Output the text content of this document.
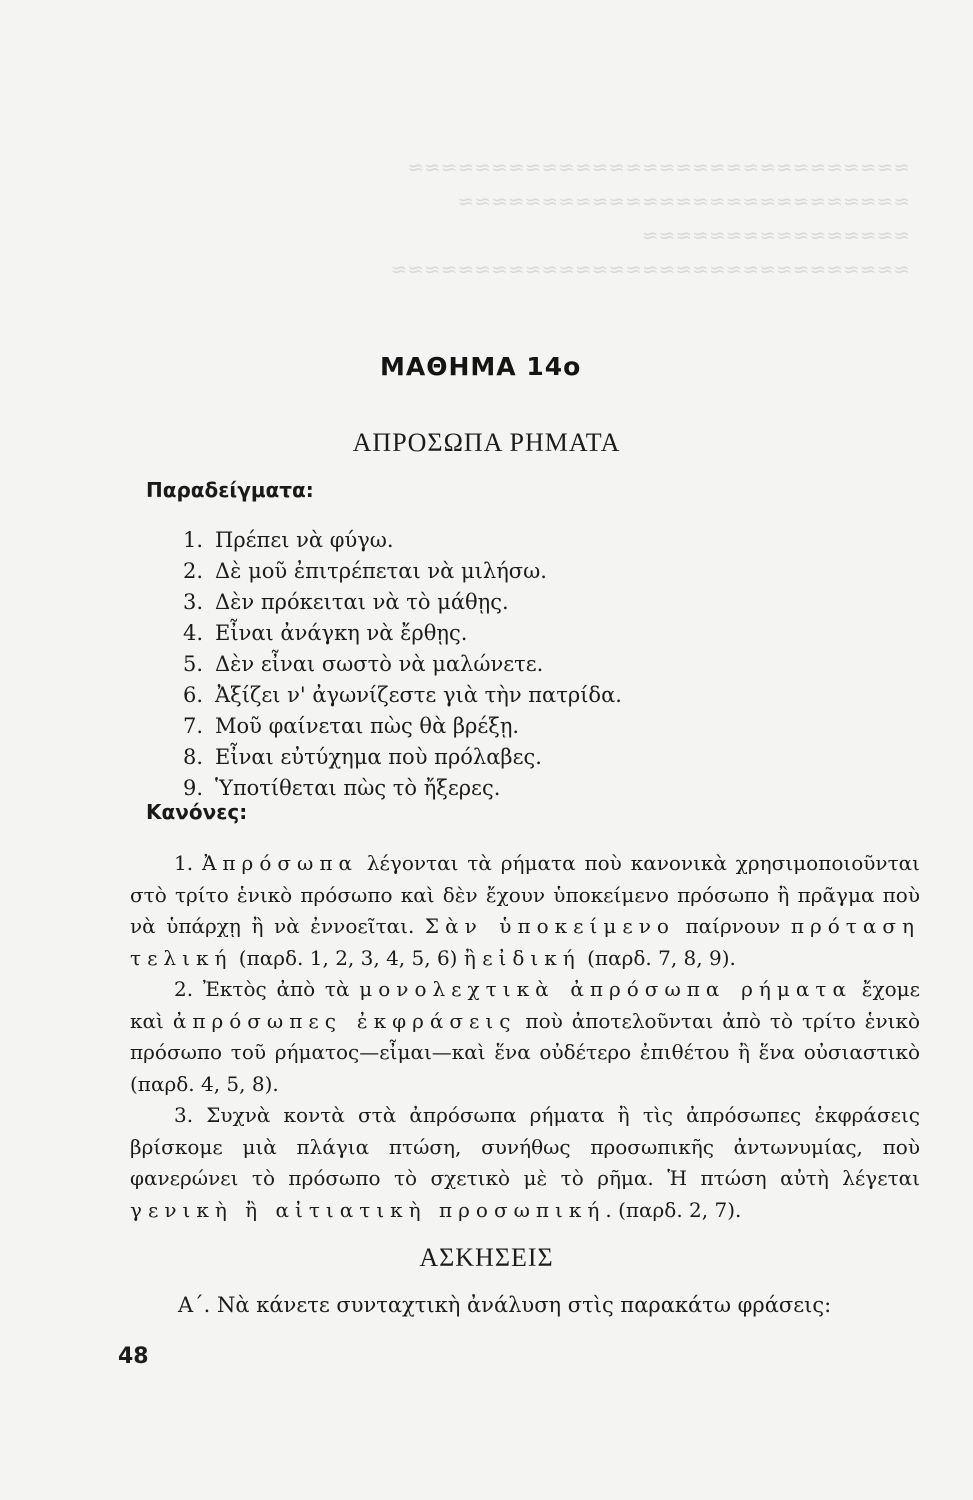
≈≈≈≈≈≈≈≈≈≈≈≈≈≈≈≈≈≈≈≈≈≈≈≈≈≈≈≈≈≈
≈≈≈≈≈≈≈≈≈≈≈≈≈≈≈≈≈≈≈≈≈≈≈≈≈≈≈
≈≈≈≈≈≈≈≈≈≈≈≈≈≈≈≈
≈≈≈≈≈≈≈≈≈≈≈≈≈≈≈≈≈≈≈≈≈≈≈≈≈≈≈≈≈≈≈
ΜΑΘΗΜΑ 14ο
ΑΠΡΟΣΩΠΑ ΡΗΜΑΤΑ
Παραδείγματα:
1. Πρέπει νὰ φύγω.
2. Δὲ μοῦ ἐπιτρέπεται νὰ μιλήσω.
3. Δὲν πρόκειται νὰ τὸ μάθῃς.
4. Εἶναι ἀνάγκη νὰ ἔρθῃς.
5. Δὲν εἶναι σωστὸ νὰ μαλώνετε.
6. Ἀξίζει ν' ἀγωνίζεστε γιὰ τὴν πατρίδα.
7. Μοῦ φαίνεται πὼς θὰ βρέξῃ.
8. Εἶναι εὐτύχημα ποὺ πρόλαβες.
9. Ὑποτίθεται πὼς τὸ ἤξερες.
Κανόνες:

1. Ἀπρόσωπα λέγονται τὰ ρήματα ποὺ κανονικὰ χρησιμοποιοῦνται στὸ τρίτο ἑνικὸ πρόσωπο καὶ δὲν ἔχουν ὑποκείμενο πρόσωπο ἢ πρᾶγμα ποὺ νὰ ὑπάρχῃ ἢ νὰ ἐννοεῖται. Σὰν ὑποκείμενο παίρνουν πρόταση τελική (παρδ. 1, 2, 3, 4, 5, 6) ἢ εἰδική (παρδ. 7, 8, 9).

2. Ἐκτὸς ἀπὸ τὰ μονολεχτικὰ ἀπρόσωπα ρήματα ἔχομε καὶ ἀπρόσωπες ἐκφράσεις ποὺ ἀποτελοῦνται ἀπὸ τὸ τρίτο ἑνικὸ πρόσωπο τοῦ ρήματος—εἶμαι—καὶ ἕνα οὐδέτερο ἐπιθέτου ἢ ἕνα οὐσιαστικὸ (παρδ. 4, 5, 8).

3. Συχνὰ κοντὰ στὰ ἀπρόσωπα ρήματα ἢ τὶς ἀπρόσωπες ἐκφράσεις βρίσκομε μιὰ πλάγια πτώση, συνήθως προσωπικῆς ἀντωνυμίας, ποὺ φανερώνει τὸ πρόσωπο τὸ σχετικὸ μὲ τὸ ρῆμα. Ἡ πτώση αὐτὴ λέγεται γενικὴ ἢ αἰτιατικὴ προσωπική. (παρδ. 2, 7).

ΑΣΚΗΣΕΙΣ
Α΄. Νὰ κάνετε συνταχτικὴ ἀνάλυση στὶς παρακάτω φράσεις:
48
